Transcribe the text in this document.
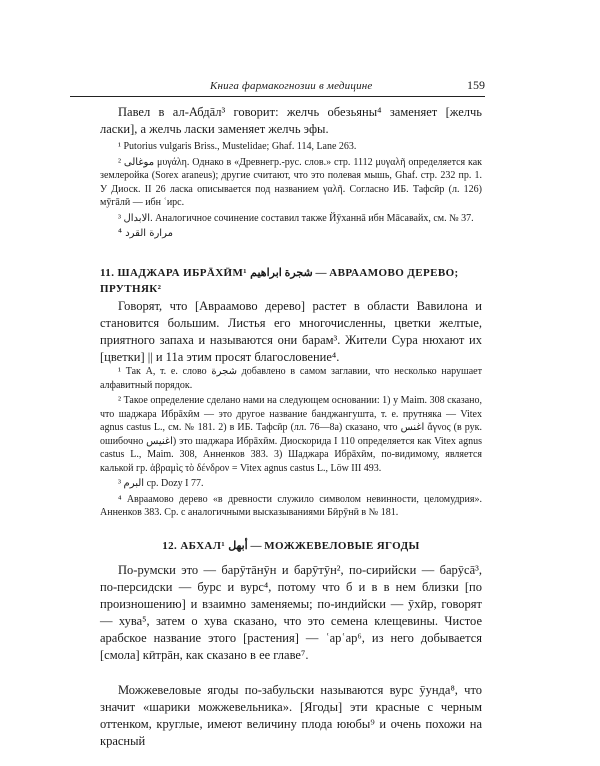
Книга фармакогнозии в медицине	159

Павел в ал-Абдāл³ говорит: желчь обезьяны⁴ заменяет [желчь ласки], а желчь ласки заменяет желчь эфы.

¹ Putorius vulgaris Briss., Mustelidae; Ghaf. 114, Lane 263.

² موغالى μυγάλη. Однако в «Древнегр.-рус. слов.» стр. 1112 μυγαλῆ определяется как землеройка (Sorex araneus); другие считают, что это полевая мышь, Ghaf. стр. 232 пр. 1. У Диоск. II 26 ласка описывается под названием γαλῆ. Согласно ИБ. Тафсӣр (л. 126) мӯгāлӣ — ибн ʿирс.

³ الابدال. Аналогичное сочинение составил также Йӯханнā ибн Мāсавайх, см. № 37.

⁴ مرارة القرد

11. ШАДЖАРА ИБРĀХӢМ¹ شجرة ابراهيم — АВРААМОВО ДЕРЕВО; ПРУТНЯК²

Говорят, что [Авраамово дерево] растет в области Вавилона и становится большим. Листья его многочисленны, цветки желтые, приятного запаха и называются они барам³. Жители Сура нюхают их [цветки] || и 11а этим просят благословение⁴.

¹ Так А, т. е. слово شجرة добавлено в самом заглавии, что несколько нарушает алфавитный порядок.

² Такое определение сделано нами на следующем основании: 1) у Maim. 308 сказано, что шаджара Ибрāхӣм — это другое название банджангушта, т. е. прутняка — Vitex agnus castus L., см. № 181. 2) в ИБ. Тафсӣр (лл. 76—8а) сказано, что اغنس ἄγνος (в рук. ошибочно اغنيس) это шаджара Ибрāхӣм. Диоскорида I 110 определяется как Vitex agnus castus L., Maim. 308, Анненков 383. 3) Шаджара Ибрāхӣм, по-видимому, является калькой гр. ἀβραμὶς τὸ δένδρον = Vitex agnus castus L., Löw III 493.

³ البرم ср. Dozy I 77.

⁴ Авраамово дерево «в древности служило символом невинности, целомудрия». Анненков 383. Ср. с аналогичными высказываниями Бӣрӯнӣ в № 181.

12. АБХАЛ¹ أبهل — МОЖЖЕВЕЛОВЫЕ ЯГОДЫ

По-румски это — барӯтāнӯн и барӯтӯн², по-сирийски — барӯсā³, по-персидски — бурс и вурс⁴, потому что б и в в нем близки [по произношению] и взаимно заменяемы; по-индийски — ӯхӣр, говорят — хува⁵, затем о хува сказано, что это семена клещевины. Чистое арабское название этого [растения] — ʿарʿар⁶, из него добывается [смола] кӣтрāн, как сказано в ее главе⁷.

Можжевеловые ягоды по-забульски называются вурс ӯунда⁸, что значит «шарики можжевельника». [Ягоды] эти красные с черным оттенком, круглые, имеют величину плода ююбы⁹ и очень похожи на красный
